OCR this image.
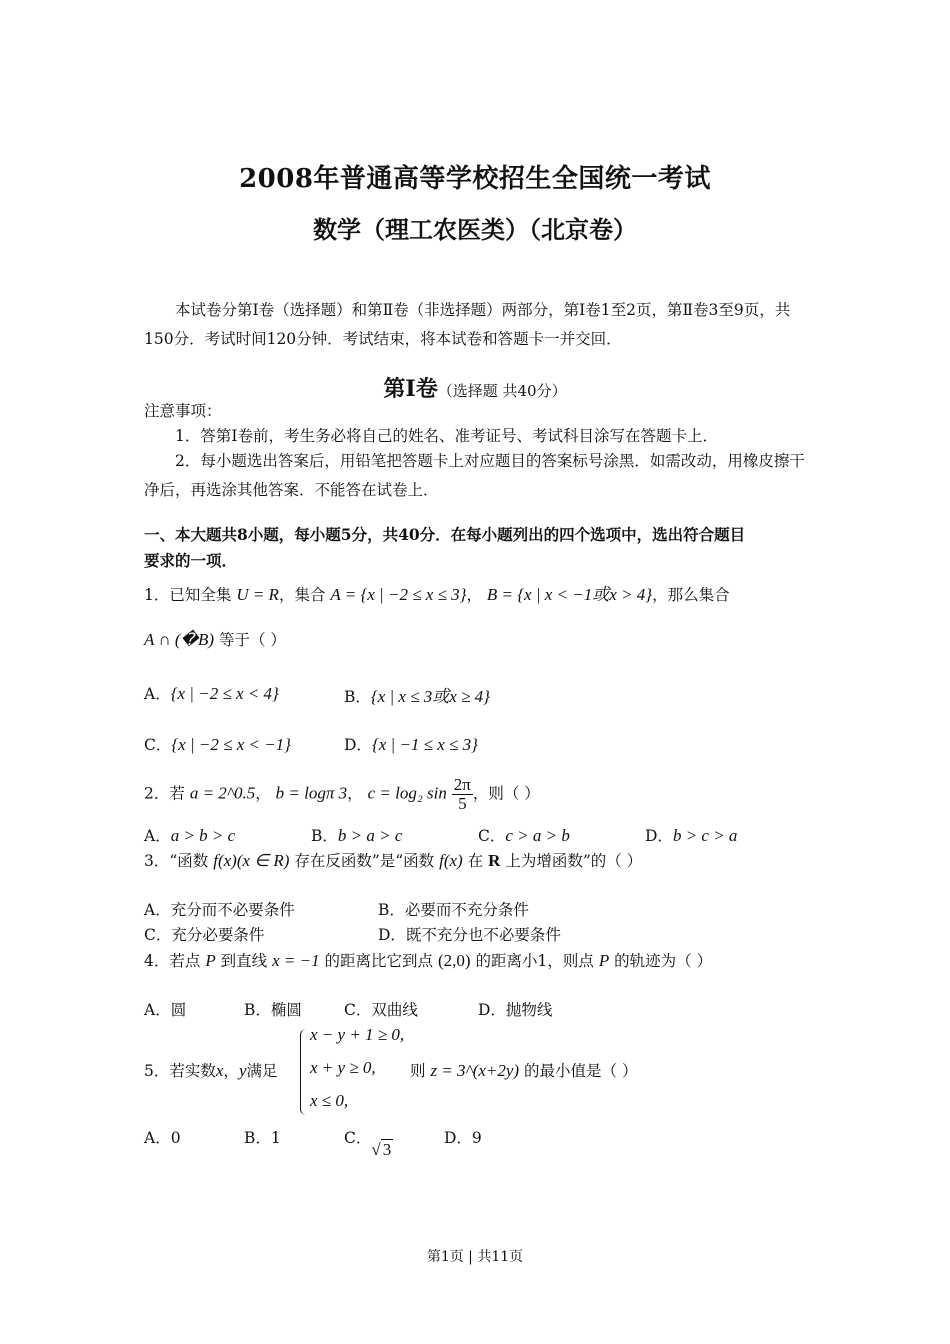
2008年普通高等学校招生全国统一考试
数学（理工农医类）（北京卷）
本试卷分第Ⅰ卷（选择题）和第Ⅱ卷（非选择题）两部分，第Ⅰ卷1至2页，第Ⅱ卷3至9页，共150分．考试时间120分钟．考试结束，将本试卷和答题卡一并交回．
第Ⅰ卷（选择题 共40分）
注意事项：
1．答第Ⅰ卷前，考生务必将自己的姓名、准考证号、考试科目涂写在答题卡上．
2．每小题选出答案后，用铅笔把答题卡上对应题目的答案标号涂黑．如需改动，用橡皮擦干净后，再选涂其他答案．不能答在试卷上．
一、本大题共8小题，每小题5分，共40分．在每小题列出的四个选项中，选出符合题目
要求的一项．
1．已知全集 U = R，集合 A = {x | −2 ≤ x ≤ 3}， B = {x | x < −1或x > 4}，那么集合
A ∩ (�B) 等于（ ）
A．{x | −2 ≤ x < 4}	B．{x | x ≤ 3或x ≥ 4}
C．{x | −2 ≤ x < −1}	D．{x | −1 ≤ x ≤ 3}
2．若 a = 2^0.5， b = logπ 3， c = log₂ $\sin \frac{2\pi}{5}$ ，则（ ）
A．a > b > c	B．b > a > c	C．c > a > b	D．b > c > a
3．“函数 f(x)(x ∈ R) 存在反函数”是“函数 f(x) 在 R 上为增函数”的（ ）
A．充分而不必要条件	B．必要而不充分条件
C．充分必要条件	D．既不充分也不必要条件
4．若点 P 到直线 x = −1 的距离比它到点 (2,0) 的距离小1，则点 P 的轨迹为（ ）
A．圆	B．椭圆	C．双曲线	D．抛物线
5．若实数x，y满足
x − y + 1 ≥ 0,
x + y ≥ 0,
x ≤ 0,
则 z = 3^(x+2y) 的最小值是（ ）
A．0	B．1	C．√ 3
D．9
第1页 | 共11页
